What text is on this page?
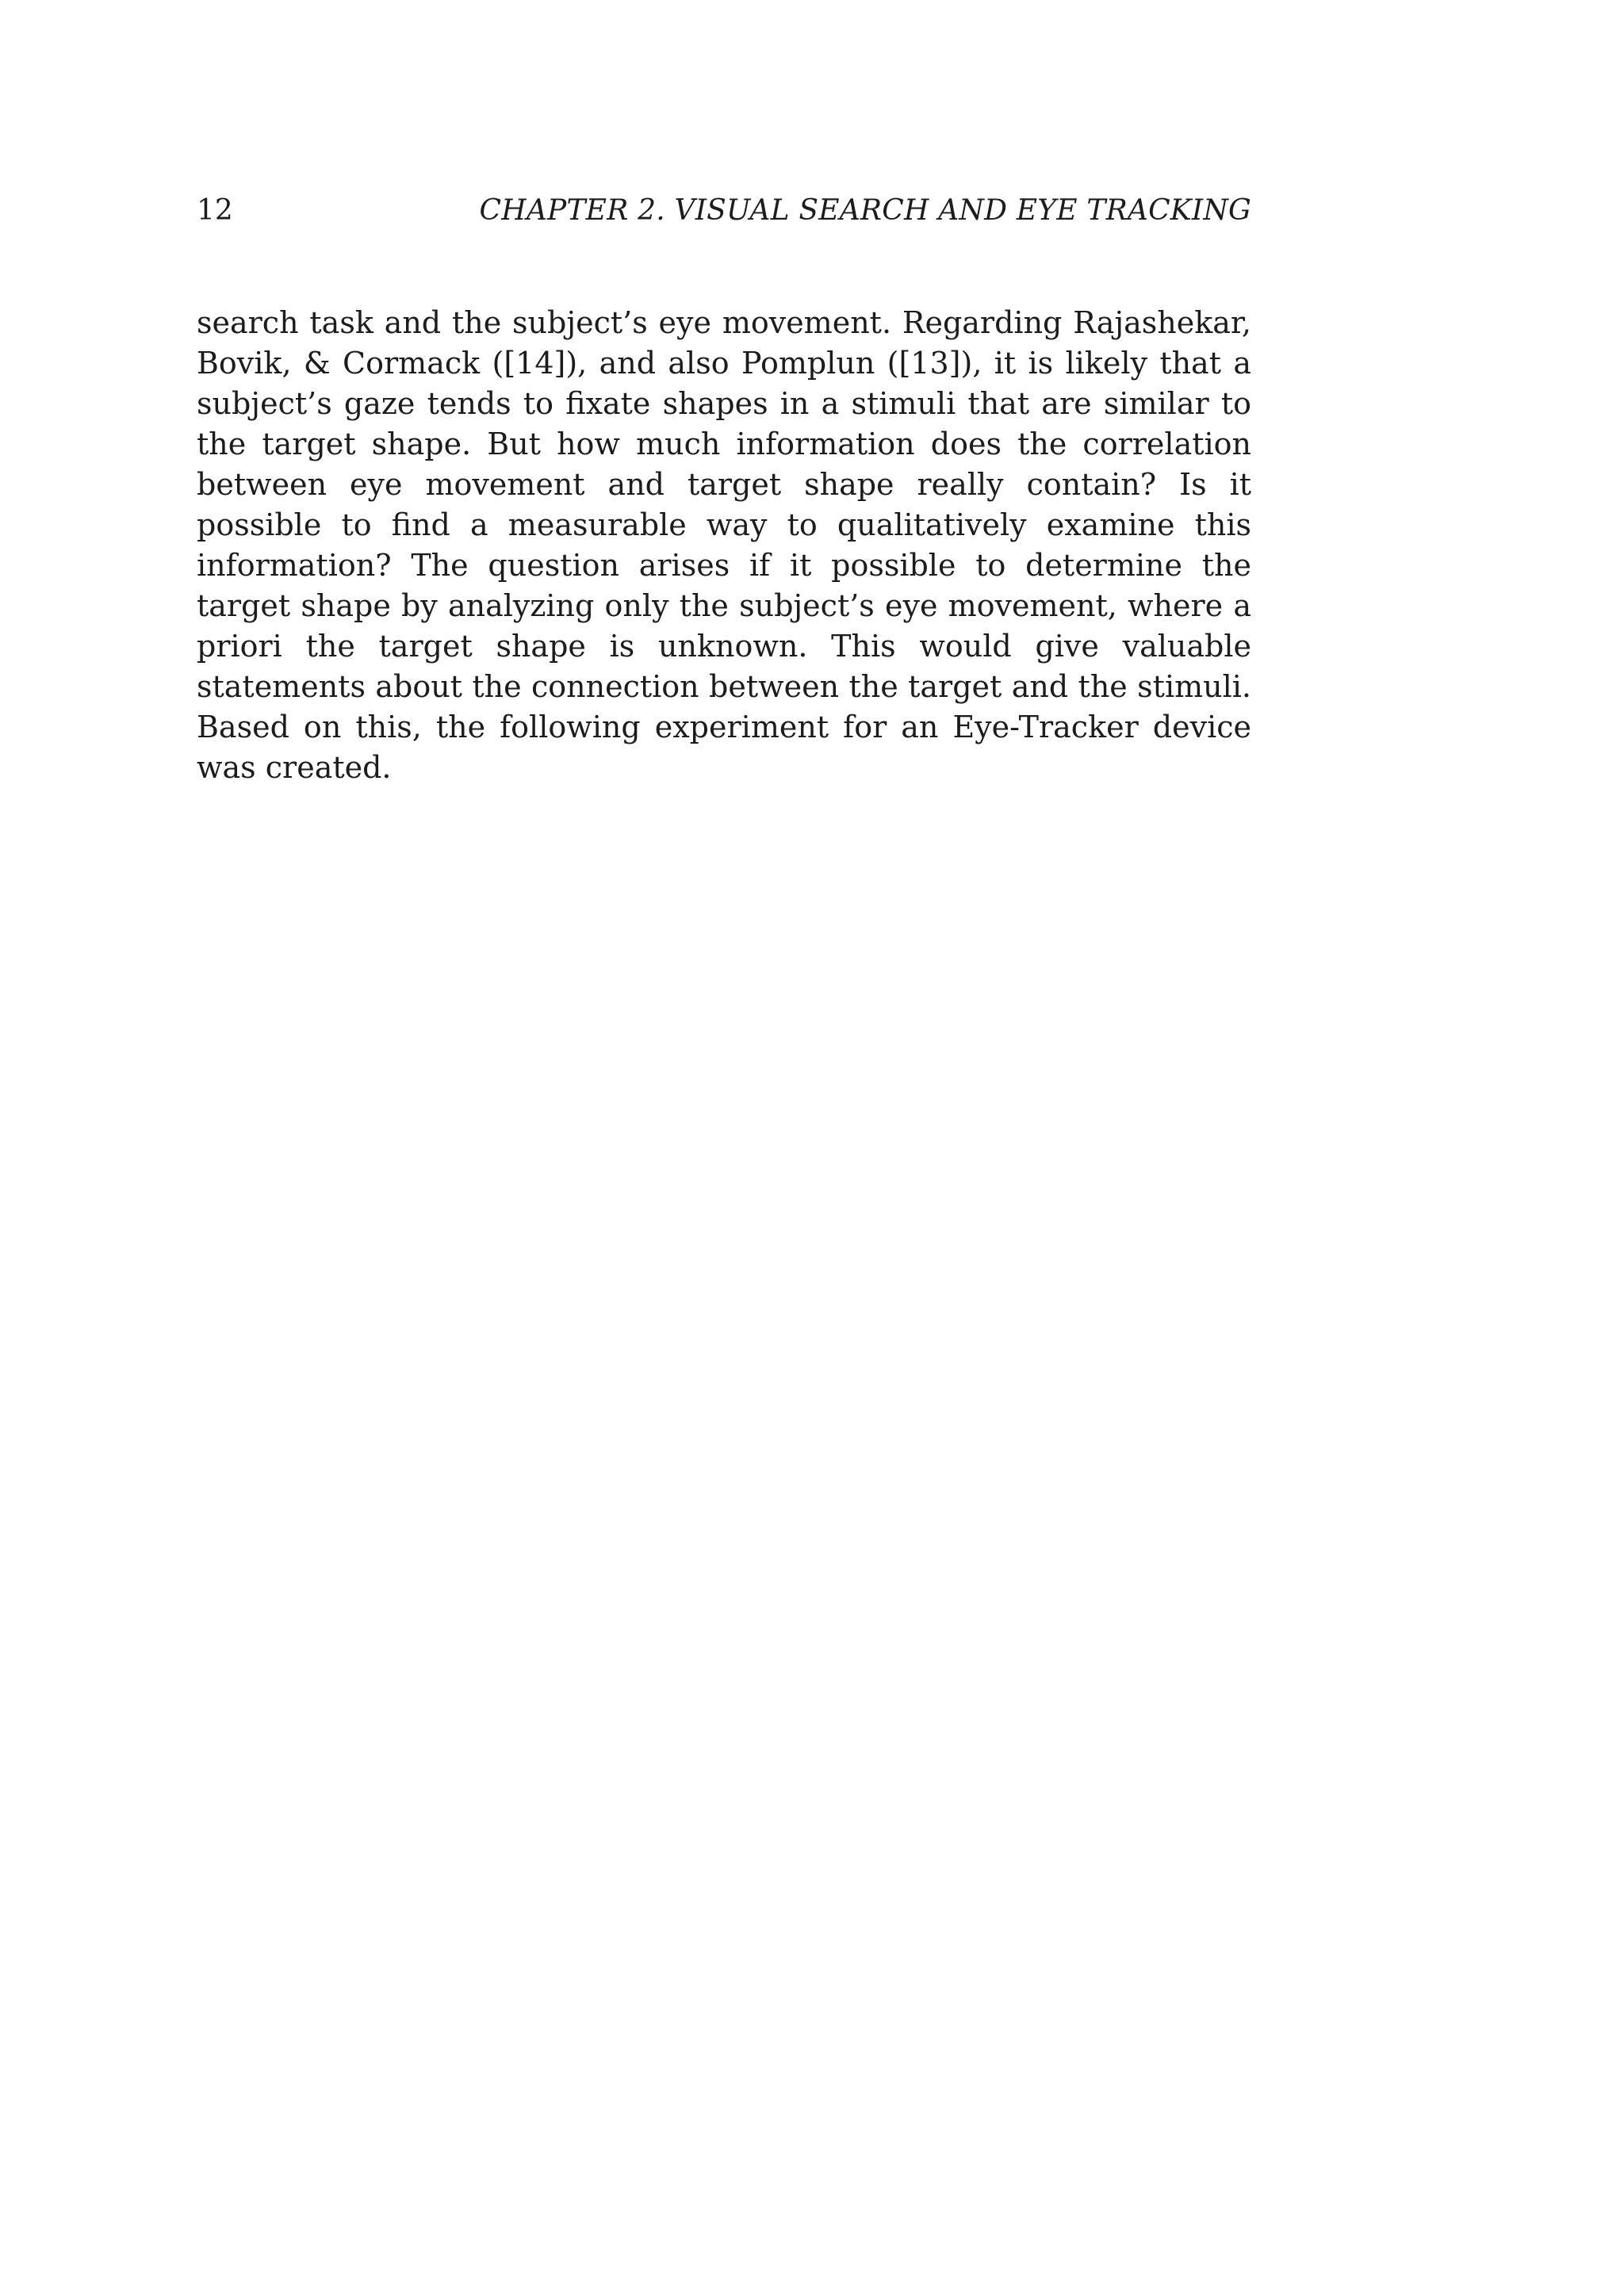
12	CHAPTER 2. VISUAL SEARCH AND EYE TRACKING

search task and the subject’s eye movement. Regarding Rajashekar, Bovik, & Cormack ([14]), and also Pomplun ([13]), it is likely that a subject’s gaze tends to fixate shapes in a stimuli that are similar to the target shape. But how much information does the correlation between eye movement and target shape really contain? Is it possible to find a measurable way to qualitatively examine this information? The question arises if it possible to determine the target shape by analyzing only the subject’s eye movement, where a priori the target shape is unknown. This would give valuable statements about the connection between the target and the stimuli. Based on this, the following experiment for an Eye-Tracker device was created.
